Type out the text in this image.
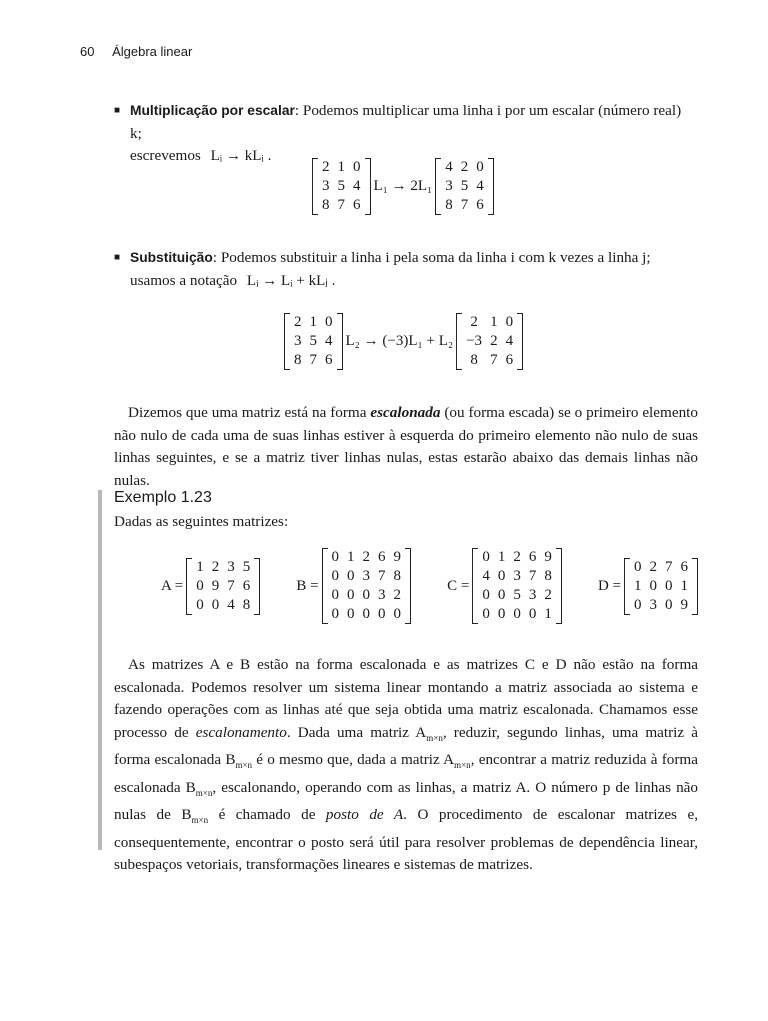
60 Álgebra linear
■ Multiplicação por escalar: Podemos multiplicar uma linha i por um escalar (número real) k;
escrevemos Lᵢ → kLᵢ .
2	1	0
3	5	4
8	7	6
L₁ → 2L₁
4	2	0
3	5	4
8	7	6
■ Substituição: Podemos substituir a linha i pela soma da linha i com k vezes a linha j;
usamos a notação Lᵢ → Lᵢ + kLⱼ .
2	1	0
3	5	4
8	7	6
L₂ → (−3)L₁ + L₂
2	1	0
−3	2	4
8	7	6
Dizemos que uma matriz está na forma escalonada (ou forma escada) se o primeiro elemento não nulo de cada uma de suas linhas estiver à esquerda do primeiro elemento não nulo de suas linhas seguintes, e se a matriz tiver linhas nulas, estas estarão abaixo das demais linhas não nulas.
Exemplo 1.23
Dadas as seguintes matrizes:
A =
1	2	3	5
0	9	7	6
0	0	4	8
B =
0	1	2	6	9
0	0	3	7	8
0	0	0	3	2
0	0	0	0	0
C =
0	1	2	6	9
4	0	3	7	8
0	0	5	3	2
0	0	0	0	1
D =
0	2	7	6
1	0	0	1
0	3	0	9
As matrizes A e B estão na forma escalonada e as matrizes C e D não estão na forma escalonada. Podemos resolver um sistema linear montando a matriz associada ao sistema e fazendo operações com as linhas até que seja obtida uma matriz escalonada. Chamamos esse processo de escalonamento. Dada uma matriz $A_{m\times n}$, reduzir, segundo linhas, uma matriz à forma escalonada $B_{m\times n}$ é o mesmo que, dada a matriz $A_{m\times n}$, encontrar a matriz reduzida à forma escalonada $B_{m\times n}$, escalonando, operando com as linhas, a matriz A. O número p de linhas não nulas de $B_{m\times n}$ é chamado de posto de A. O procedimento de escalonar matrizes e, consequentemente, encontrar o posto será útil para resolver problemas de dependência linear, subespaços vetoriais, transformações lineares e sistemas de matrizes.
